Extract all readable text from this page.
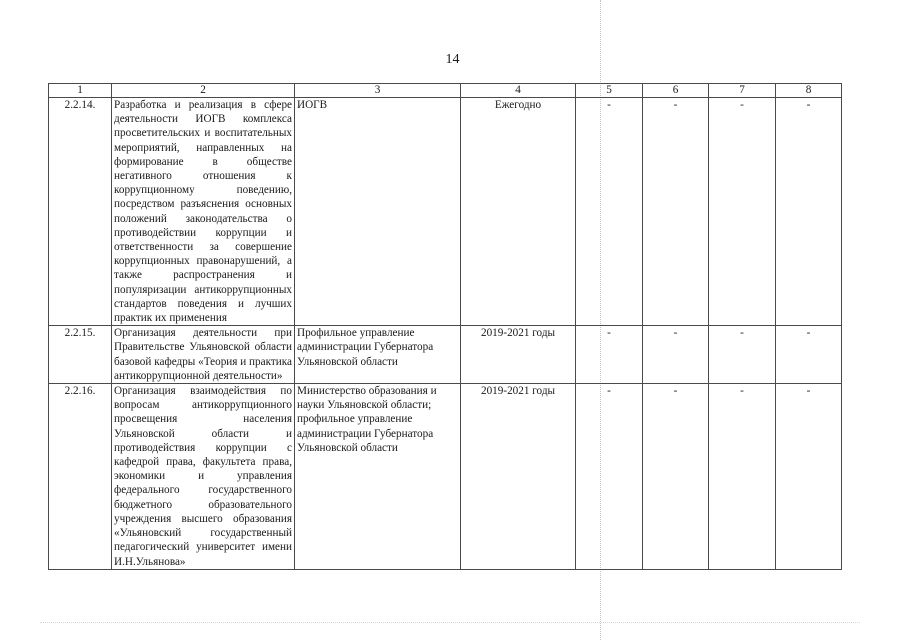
14
1	2	3	4	5	6	7	8
2.2.14.	Разработка и реализация в сфере деятельности ИОГВ комплекса просветительских и воспитательных мероприятий, направленных на формирование в обществе негативного отношения к коррупционному поведению, посредством разъяснения основных положений законодательства о противодействии коррупции и ответственности за совершение коррупционных правонарушений, а также распространения и популяризации антикоррупционных стандартов поведения и лучших практик их применения	ИОГВ	Ежегодно	-	-	-	-
2.2.15.	Организация деятельности при Правительстве Ульяновской области базовой кафедры «Теория и практика антикоррупционной деятельности»	Профильное управление администрации Губернатора Ульяновской области	2019-2021 годы	-	-	-	-
2.2.16.	Организация взаимодействия по вопросам антикоррупционного просвещения населения Ульяновской области и противодействия коррупции с кафедрой права, факультета права, экономики и управления федерального государственного бюджетного образовательного учреждения высшего образования «Ульяновский государственный педагогический университет имени И.Н.Ульянова»	Министерство образования и науки Ульяновской области; профильное управление администрации Губернатора Ульяновской области	2019-2021 годы	-	-	-	-
